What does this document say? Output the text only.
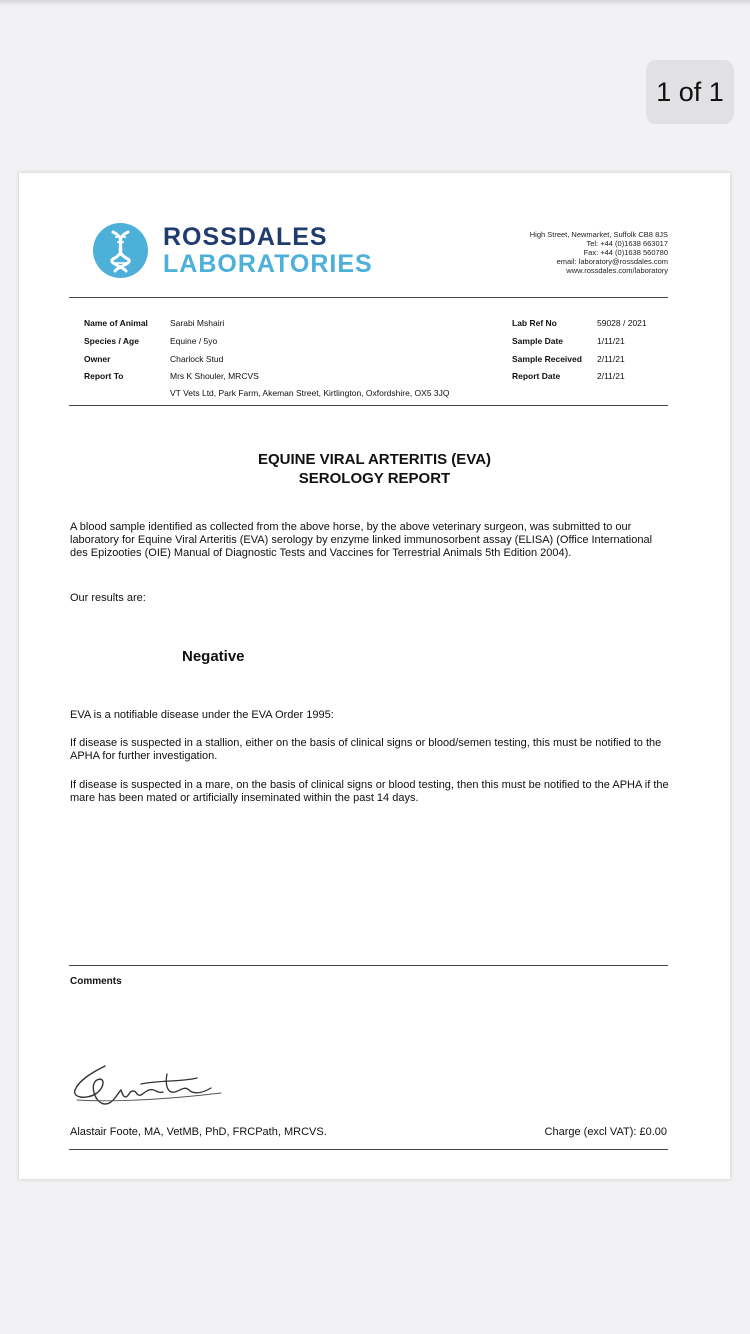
1 of 1
ROSSDALES
LABORATORIES
High Street, Newmarket, Suffolk CB8 8JS
Tel: +44 (0)1638 663017
Fax: +44 (0)1638 560780
email: laboratory@rossdales.com
www.rossdales.com/laboratory
Name of Animal	Sarabi Mshairi
Species / Age	Equine / 5yo
Owner	Charlock Stud
Report To	Mrs K Shouler, MRCVS
VT Vets Ltd, Park Farm, Akeman Street, Kirtlington, Oxfordshire, OX5 3JQ
Lab Ref No	59028 / 2021
Sample Date	1/11/21
Sample Received 2/11/21
Report Date	2/11/21
EQUINE VIRAL ARTERITIS (EVA)
SEROLOGY REPORT
A blood sample identified as collected from the above horse, by the above veterinary surgeon, was submitted to our laboratory for Equine Viral Arteritis (EVA) serology by enzyme linked immunosorbent assay (ELISA) (Office International des Epizooties (OIE) Manual of Diagnostic Tests and Vaccines for Terrestrial Animals 5th Edition 2004).
Our results are:
Negative
EVA is a notifiable disease under the EVA Order 1995:
If disease is suspected in a stallion, either on the basis of clinical signs or blood/semen testing, this must be notified to the APHA for further investigation.
If disease is suspected in a mare, on the basis of clinical signs or blood testing, then this must be notified to the APHA if the mare has been mated or artificially inseminated within the past 14 days.
Comments
Alastair Foote, MA, VetMB, PhD, FRCPath, MRCVS.	Charge (excl VAT): £0.00
